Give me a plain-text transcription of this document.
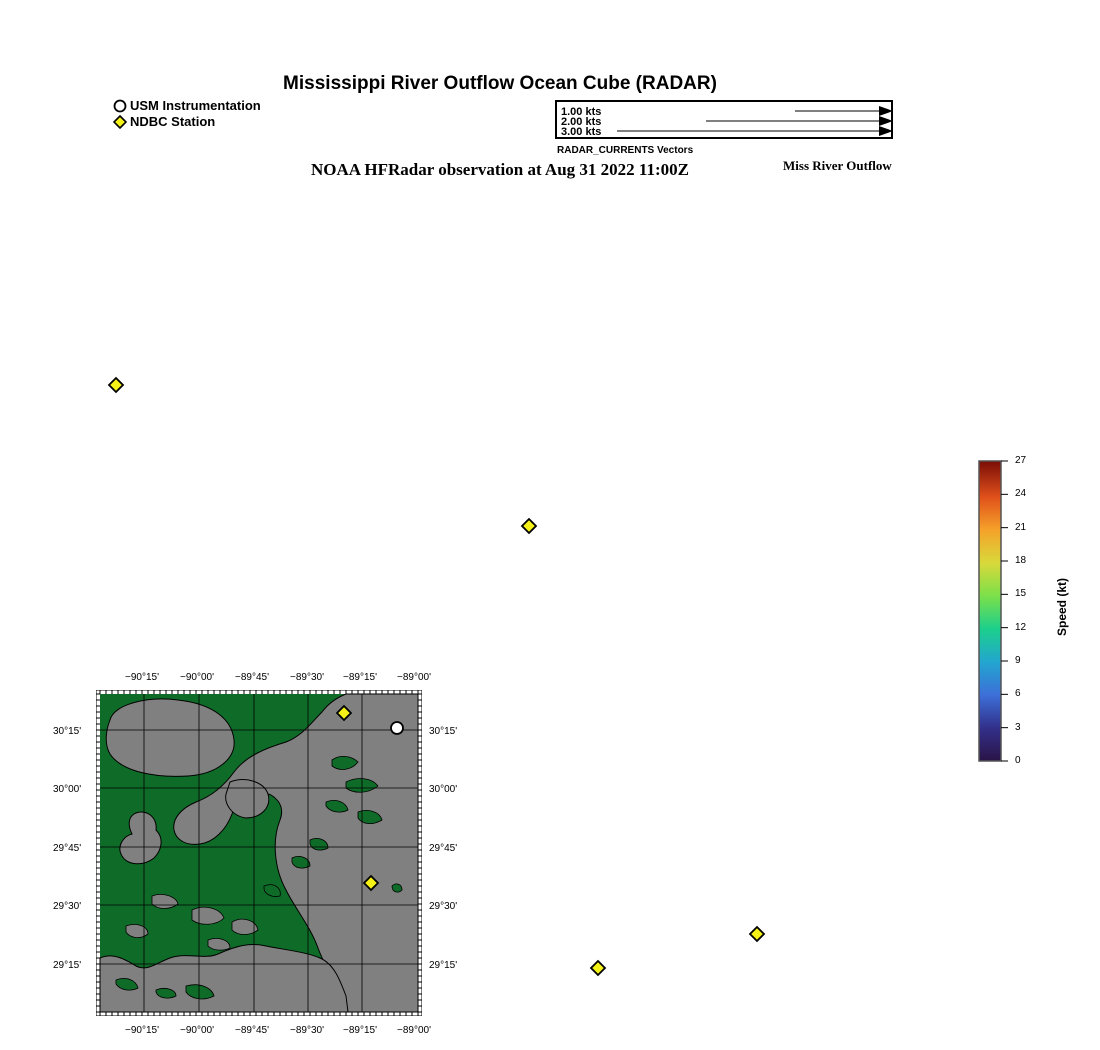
Mississippi River Outflow Ocean Cube (RADAR)
NOAA HFRadar observation at Aug 31 2022 11:00Z	Miss River Outflow
USM Instrumentation
NDBC Station
1.00 kts
2.00 kts
3.00 kts
RADAR_CURRENTS Vectors
−90°15' −90°00' −89°45' −89°30' −89°15' −89°00'
−90°15' −90°00' −89°45' −89°30' −89°15' −89°00'
30°15'
30°00'
29°45'
29°30'
29°15'
30°15'
30°00'
29°45'
29°30'
29°15'
27
24
21
18
15
12
9
6
3
0
Speed (kt)
